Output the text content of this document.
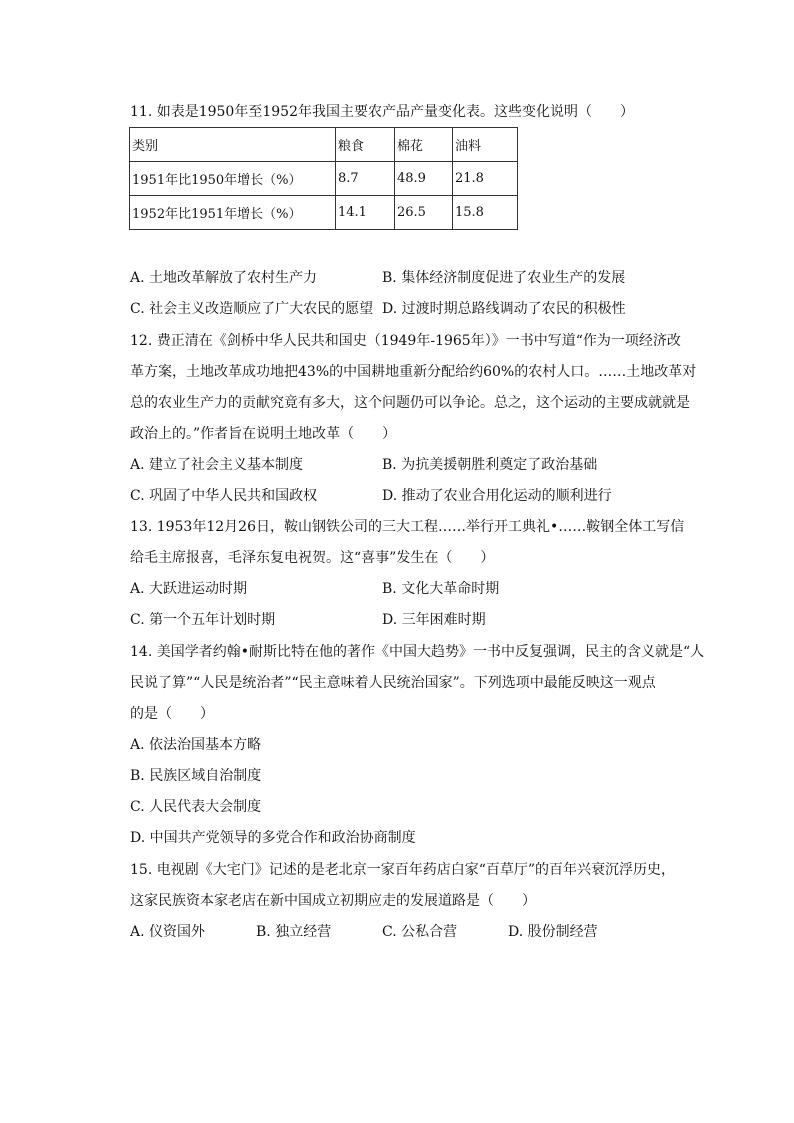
11. 如表是1950年至1952年我国主要农产品产量变化表。这些变化说明（　　）
类别	粮食	棉花	油料
1951年比1950年增长（%）	8.7	48.9	21.8
1952年比1951年增长（%）	14.1	26.5	15.8
A. 土地改革解放了农村生产力	B. 集体经济制度促进了农业生产的发展
C. 社会主义改造顺应了广大农民的愿望 D. 过渡时期总路线调动了农民的积极性
12. 费正清在《剑桥中华人民共和国史（1949年-1965年）》一书中写道“作为一项经济改
革方案，土地改革成功地把43%的中国耕地重新分配给约60%的农村人口。……土地改革对
总的农业生产力的贡献究竟有多大，这个问题仍可以争论。总之，这个运动的主要成就就是
政治上的。”作者旨在说明土地改革（　　）
A. 建立了社会主义基本制度	B. 为抗美援朝胜利奠定了政治基础
C. 巩固了中华人民共和国政权	D. 推动了农业合用化运动的顺利进行
13. 1953年12月26日，鞍山钢铁公司的三大工程……举行开工典礼•……鞍钢全体工写信
给毛主席报喜，毛泽东复电祝贺。这“喜事”发生在（　　）
A. 大跃进运动时期	B. 文化大革命时期
C. 第一个五年计划时期	D. 三年困难时期
14. 美国学者约翰•耐斯比特在他的著作《中国大趋势》一书中反复强调，民主的含义就是“人
民说了算”“人民是统治者”“民主意味着人民统治国家”。下列选项中最能反映这一观点
的是（　　）
A. 依法治国基本方略
B. 民族区域自治制度
C. 人民代表大会制度
D. 中国共产党领导的多党合作和政治协商制度
15. 电视剧《大宅门》记述的是老北京一家百年药店白家“百草厅”的百年兴衰沉浮历史，
这家民族资本家老店在新中国成立初期应走的发展道路是（　　）
A. 仪资国外	B. 独立经营	C. 公私合营	D. 股份制经营
